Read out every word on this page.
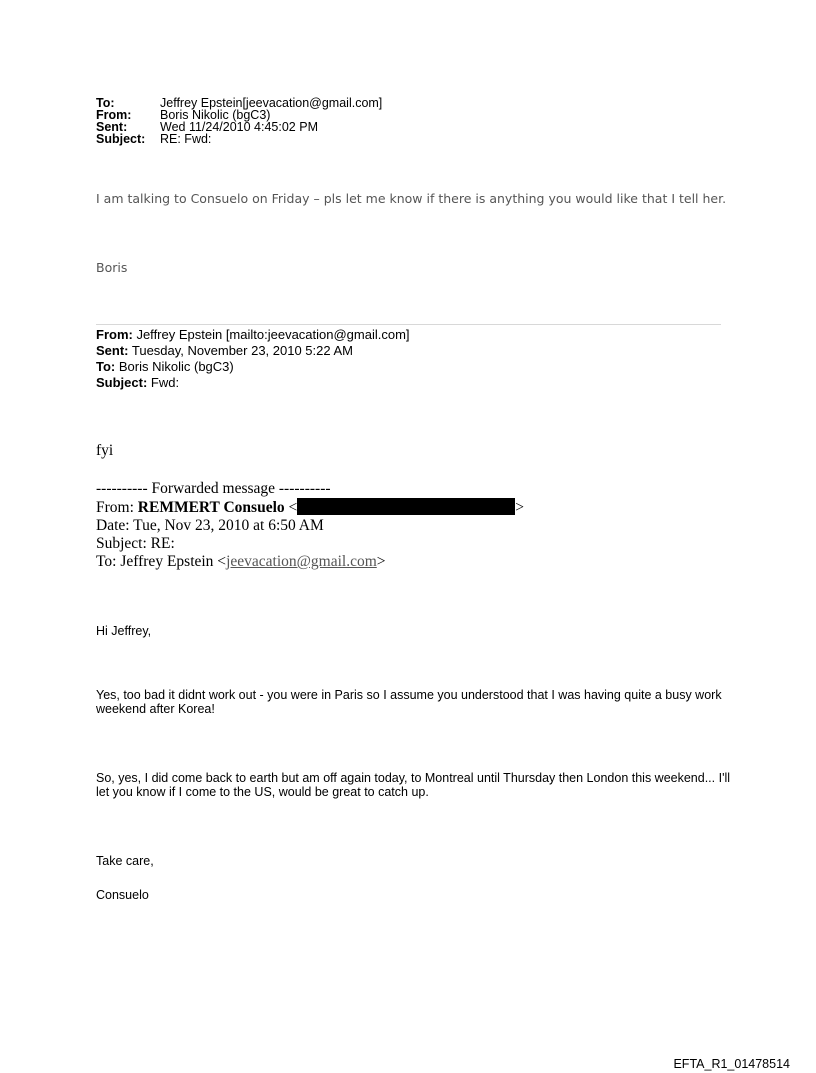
To:	Jeffrey Epstein[jeevacation@gmail.com]
From:	Boris Nikolic (bgC3)
Sent:	Wed 11/24/2010 4:45:02 PM
Subject:	RE: Fwd:
I am talking to Consuelo on Friday – pls let me know if there is anything you would like that I tell her.
Boris
From: Jeffrey Epstein [mailto:jeevacation@gmail.com]
Sent: Tuesday, November 23, 2010 5:22 AM
To: Boris Nikolic (bgC3)
Subject: Fwd:
fyi
---------- Forwarded message ----------
From: REMMERT Consuelo <	>
Date: Tue, Nov 23, 2010 at 6:50 AM
Subject: RE:
To: Jeffrey Epstein <jeevacation@gmail.com>
Hi Jeffrey,
Yes, too bad it didnt work out - you were in Paris so I assume you understood that I was having quite a busy work weekend after Korea!
So, yes, I did come back to earth but am off again today, to Montreal until Thursday then London this weekend... I'll let you know if I come to the US, would be great to catch up.
Take care,
Consuelo
EFTA_R1_01478514
